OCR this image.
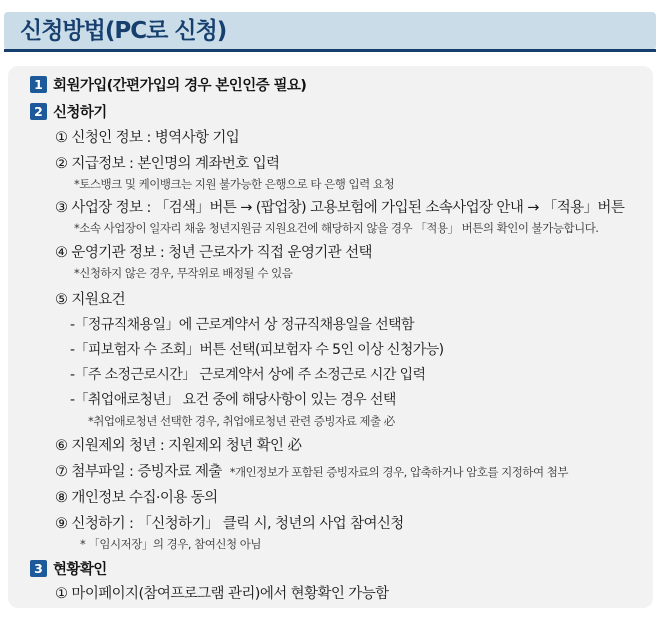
신청방법(PC로 신청)
1 회원가입(간편가입의 경우 본인인증 필요)
2 신청하기
① 신청인 정보 : 병역사항 기입
② 지급정보 : 본인명의 계좌번호 입력
*토스뱅크 및 케이뱅크는 지원 불가능한 은행으로 타 은행 입력 요청
③ 사업장 정보 : 「검색」버튼 → (팝업창) 고용보험에 가입된 소속사업장 안내 → 「적용」버튼
*소속 사업장이 일자리 채움 청년지원금 지원요건에 해당하지 않을 경우 「적용」 버튼의 확인이 불가능합니다.
④ 운영기관 정보 : 청년 근로자가 직접 운영기관 선택
*신청하지 않은 경우, 무작위로 배정될 수 있음
⑤ 지원요건
-「정규직채용일」에 근로계약서 상 정규직채용일을 선택함
-「피보험자 수 조회」버튼 선택(피보험자 수 5인 이상 신청가능)
-「주 소정근로시간」 근로계약서 상에 주 소정근로 시간 입력
-「취업애로청년」 요건 중에 해당사항이 있는 경우 선택
*취업애로청년 선택한 경우, 취업애로청년 관련 증빙자료 제출 必
⑥ 지원제외 청년 : 지원제외 청년 확인 必
⑦ 첨부파일 : 증빙자료 제출 *개인정보가 포함된 증빙자료의 경우, 압축하거나 암호를 지정하여 첨부
⑧ 개인정보 수집·이용 동의
⑨ 신청하기 : 「신청하기」 클릭 시, 청년의 사업 참여신청
* 「임시저장」의 경우, 참여신청 아님
3 현황확인
① 마이페이지(참여프로그램 관리)에서 현황확인 가능함
